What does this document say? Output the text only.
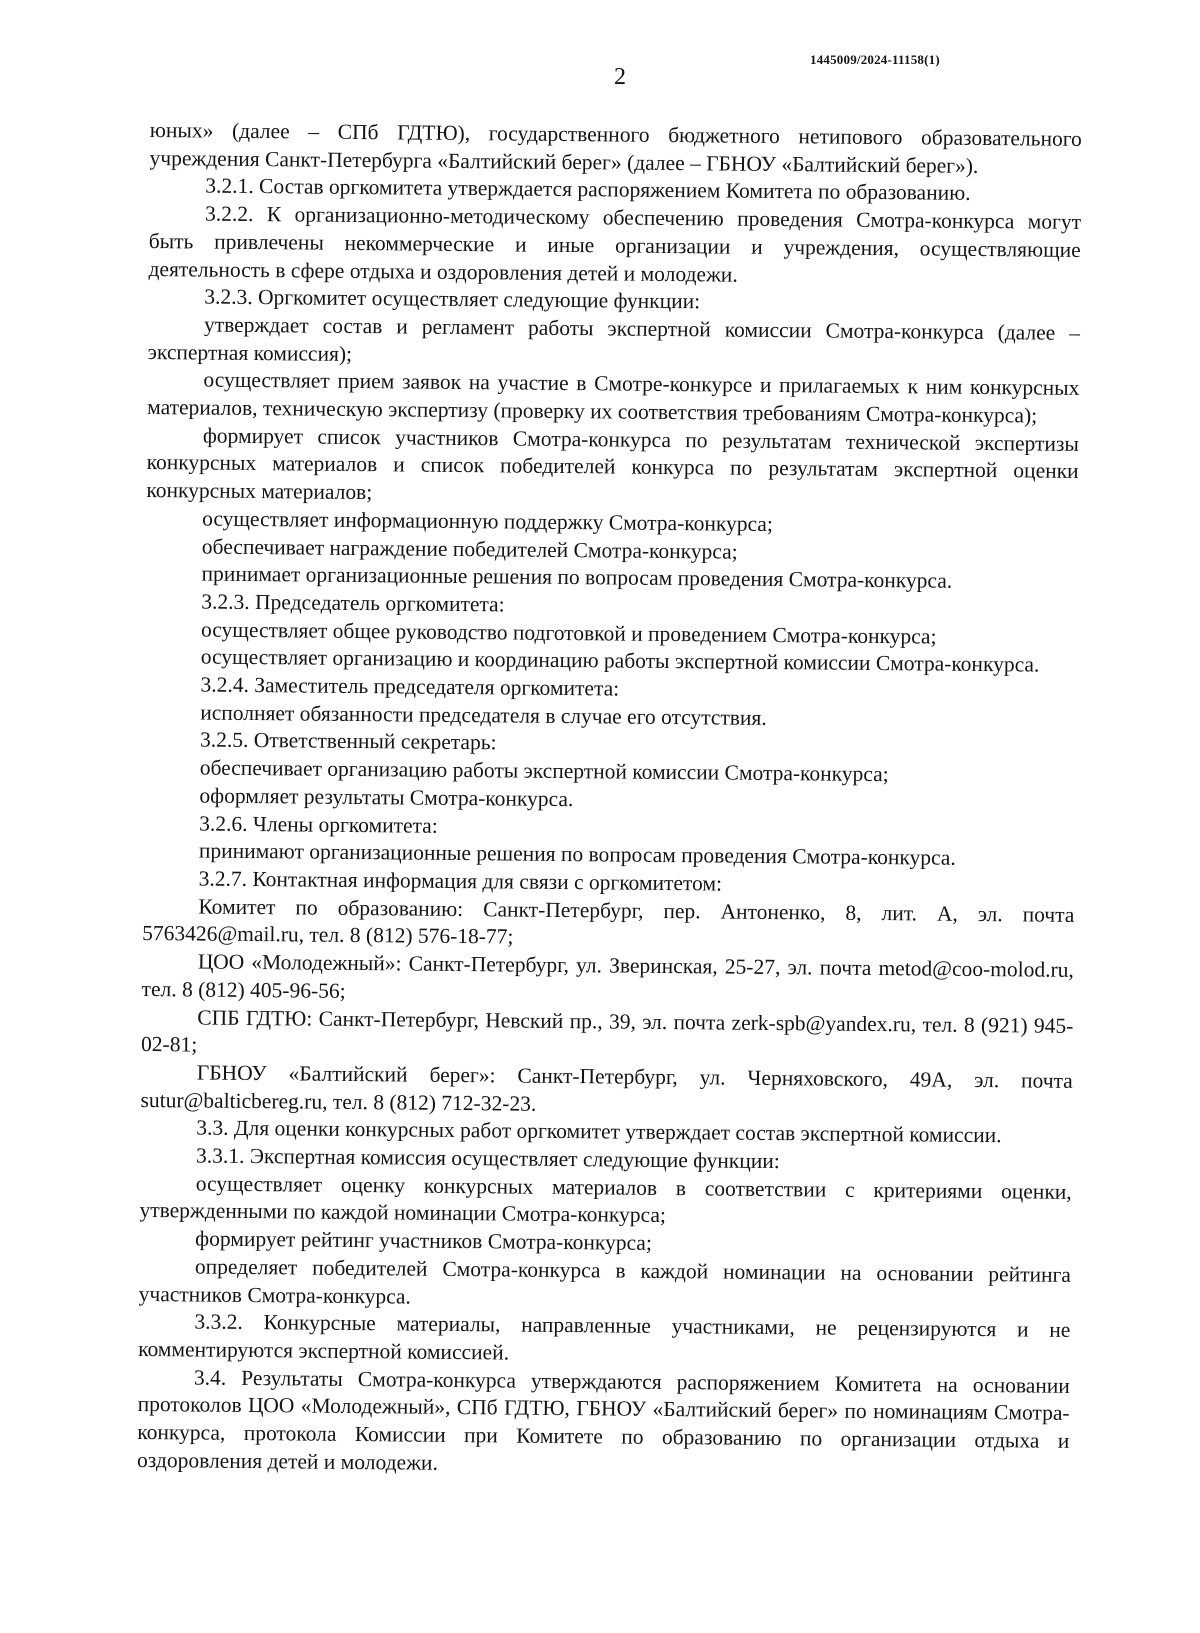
1445009/2024-11158(1)
2

юных» (далее – СПб ГДТЮ), государственного бюджетного нетипового образовательного учреждения Санкт-Петербурга «Балтийский берег» (далее – ГБНОУ «Балтийский берег»).

3.2.1. Состав оргкомитета утверждается распоряжением Комитета по образованию.

3.2.2. К организационно-методическому обеспечению проведения Смотра-конкурса могут быть привлечены некоммерческие и иные организации и учреждения, осуществляющие деятельность в сфере отдыха и оздоровления детей и молодежи.

3.2.3. Оргкомитет осуществляет следующие функции:

утверждает состав и регламент работы экспертной комиссии Смотра-конкурса (далее – экспертная комиссия);

осуществляет прием заявок на участие в Смотре-конкурсе и прилагаемых к ним конкурсных материалов, техническую экспертизу (проверку их соответствия требованиям Смотра-конкурса);

формирует список участников Смотра-конкурса по результатам технической экспертизы конкурсных материалов и список победителей конкурса по результатам экспертной оценки конкурсных материалов;

осуществляет информационную поддержку Смотра-конкурса;

обеспечивает награждение победителей Смотра-конкурса;

принимает организационные решения по вопросам проведения Смотра-конкурса.

3.2.3. Председатель оргкомитета:

осуществляет общее руководство подготовкой и проведением Смотра-конкурса;

осуществляет организацию и координацию работы экспертной комиссии Смотра-конкурса.

3.2.4. Заместитель председателя оргкомитета:

исполняет обязанности председателя в случае его отсутствия.

3.2.5. Ответственный секретарь:

обеспечивает организацию работы экспертной комиссии Смотра-конкурса;

оформляет результаты Смотра-конкурса.

3.2.6. Члены оргкомитета:

принимают организационные решения по вопросам проведения Смотра-конкурса.

3.2.7. Контактная информация для связи с оргкомитетом:

Комитет по образованию: Санкт-Петербург, пер. Антоненко, 8, лит. А, эл. почта 5763426@mail.ru, тел. 8 (812) 576-18-77;

ЦОО «Молодежный»: Санкт-Петербург, ул. Зверинская, 25-27, эл. почта metod@coo-molod.ru, тел. 8 (812) 405-96-56;

СПБ ГДТЮ: Санкт-Петербург, Невский пр., 39, эл. почта zerk-spb@yandex.ru, тел. 8 (921) 945-02-81;

ГБНОУ «Балтийский берег»: Санкт-Петербург, ул. Черняховского, 49А, эл. почта sutur@balticbereg.ru, тел. 8 (812) 712-32-23.

3.3. Для оценки конкурсных работ оргкомитет утверждает состав экспертной комиссии.

3.3.1. Экспертная комиссия осуществляет следующие функции:

осуществляет оценку конкурсных материалов в соответствии с критериями оценки, утвержденными по каждой номинации Смотра-конкурса;

формирует рейтинг участников Смотра-конкурса;

определяет победителей Смотра-конкурса в каждой номинации на основании рейтинга участников Смотра-конкурса.

3.3.2. Конкурсные материалы, направленные участниками, не рецензируются и не комментируются экспертной комиссией.

3.4. Результаты Смотра-конкурса утверждаются распоряжением Комитета на основании протоколов ЦОО «Молодежный», СПб ГДТЮ, ГБНОУ «Балтийский берег» по номинациям Смотра-конкурса, протокола Комиссии при Комитете по образованию по организации отдыха и оздоровления детей и молодежи.
